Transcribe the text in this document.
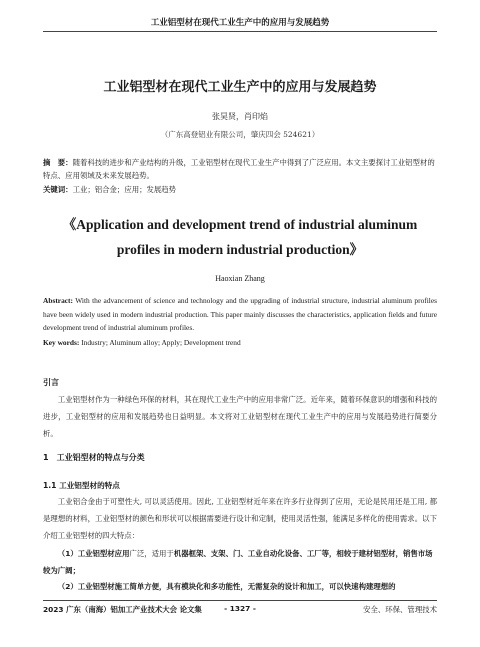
工业铝型材在现代工业生产中的应用与发展趋势
工业铝型材在现代工业生产中的应用与发展趋势
张昊贤，肖印焰
（广东高登铝业有限公司，肇庆四会 524621）
摘　要：随着科技的进步和产业结构的升级，工业铝型材在现代工业生产中得到了广泛应用。本文主要探讨工业铝型材的特点、应用领域及未来发展趋势。
关键词：工业；铝合金；应用；发展趋势
《Application and development trend of industrial aluminum profiles in modern industrial production》
Haoxian Zhang
Abstract: With the advancement of science and technology and the upgrading of industrial structure, industrial aluminum profiles have been widely used in modern industrial production. This paper mainly discusses the characteristics, application fields and future development trend of industrial aluminum profiles.
Key words: Industry; Aluminum alloy; Apply; Development trend
引言
工业铝型材作为一种绿色环保的材料，其在现代工业生产中的应用非常广泛。近年来，随着环保意识的增强和科技的进步，工业铝型材的应用和发展趋势也日益明显。本文将对工业铝型材在现代工业生产中的应用与发展趋势进行简要分析。
1　工业铝型材的特点与分类
1.1 工业铝型材的特点
工业铝合金由于可塑性大, 可以灵活使用。因此, 工业铝型材近年来在许多行业得到了应用，无论是民用还是工用, 都是理想的材料，工业铝型材的颜色和形状可以根据需要进行设计和定制，使用灵活性强，能满足多样化的使用需求。以下介绍工业铝型材的四大特点：
（1）工业铝型材应用广泛，适用于机器框架、支架、门、工业自动化设备、工厂等，相较于建材铝型材，销售市场较为广阔；
（2）工业铝型材施工简单方便，具有模块化和多功能性，无需复杂的设计和加工，可以快速构建理想的
2023 广东（南海）铝加工产业技术大会 论文集	- 1327 -	安全、环保、管理技术
